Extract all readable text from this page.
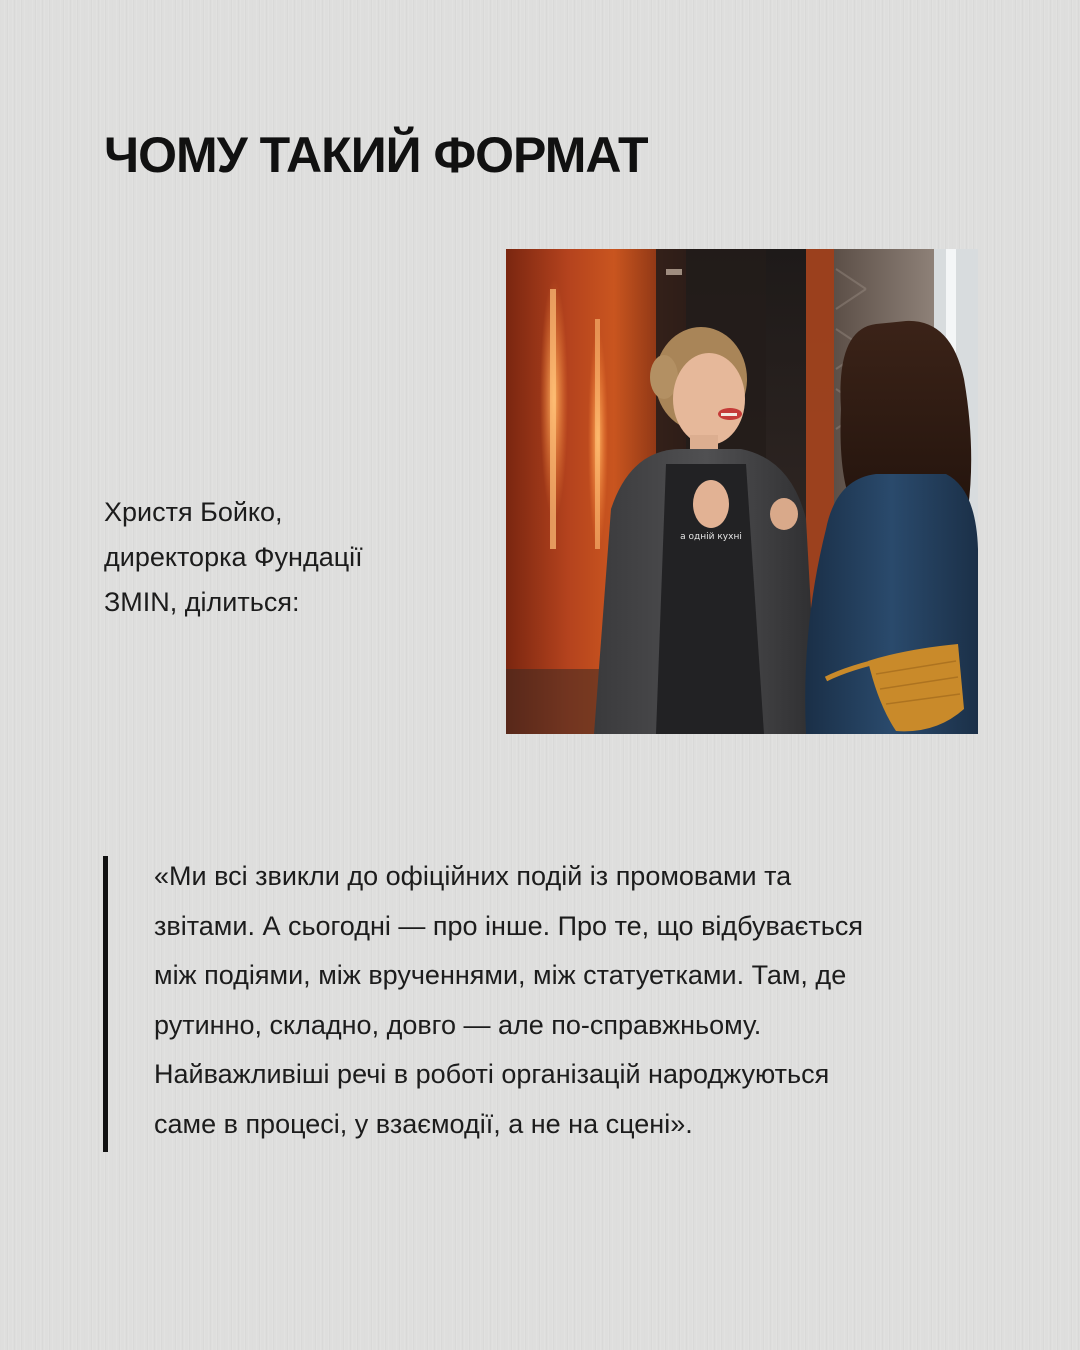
ЧОМУ ТАКИЙ ФОРМАТ
Христя Бойко,
директорка Фундації
ЗМІN, ділиться:
а одній кухні
«Ми всі звикли до офіційних подій із промовами та
звітами. А сьогодні — про інше. Про те, що відбувається
між подіями, між врученнями, між статуетками. Там, де
рутинно, складно, довго — але по-справжньому.
Найважливіші речі в роботі організацій народжуються
саме в процесі, у взаємодії, а не на сцені».
